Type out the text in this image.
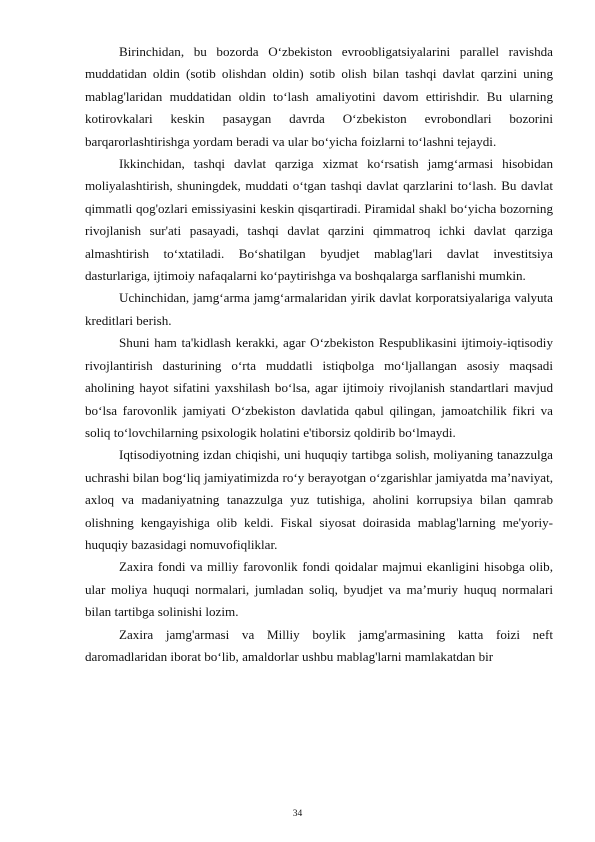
Birinchidan, bu bozorda O‘zbekiston evroobligatsiyalarini parallel ravishda muddatidan oldin (sotib olishdan oldin) sotib olish bilan tashqi davlat qarzini uning mablag'laridan muddatidan oldin to‘lash amaliyotini davom ettirishdir. Bu ularning kotirovkalari keskin pasaygan davrda O‘zbekiston evrobondlari bozorini barqarorlashtirishga yordam beradi va ular bo‘yicha foizlarni to‘lashni tejaydi.

Ikkinchidan, tashqi davlat qarziga xizmat ko‘rsatish jamg‘armasi hisobidan moliyalashtirish, shuningdek, muddati o‘tgan tashqi davlat qarzlarini to‘lash. Bu davlat qimmatli qog'ozlari emissiyasini keskin qisqartiradi. Piramidal shakl bo‘yicha bozorning rivojlanish sur'ati pasayadi, tashqi davlat qarzini qimmatroq ichki davlat qarziga almashtirish to‘xtatiladi. Bo‘shatilgan byudjet mablag'lari davlat investitsiya dasturlariga, ijtimoiy nafaqalarni ko‘paytirishga va boshqalarga sarflanishi mumkin.

Uchinchidan, jamg‘arma jamg‘armalaridan yirik davlat korporatsiyalariga valyuta kreditlari berish.

Shuni ham ta'kidlash kerakki, agar O‘zbekiston Respublikasini ijtimoiy-iqtisodiy rivojlantirish dasturining o‘rta muddatli istiqbolga mo‘ljallangan asosiy maqsadi aholining hayot sifatini yaxshilash bo‘lsa, agar ijtimoiy rivojlanish standartlari mavjud bo‘lsa farovonlik jamiyati O‘zbekiston davlatida qabul qilingan, jamoatchilik fikri va soliq to‘lovchilarning psixologik holatini e'tiborsiz qoldirib bo‘lmaydi.

Iqtisodiyotning izdan chiqishi, uni huquqiy tartibga solish, moliyaning tanazzulga uchrashi bilan bog‘liq jamiyatimizda ro‘y berayotgan o‘zgarishlar jamiyatda ma’naviyat, axloq va madaniyatning tanazzulga yuz tutishiga, aholini korrupsiya bilan qamrab olishning kengayishiga olib keldi. Fiskal siyosat doirasida mablag'larning me'yoriy-huquqiy bazasidagi nomuvofiqliklar.

Zaxira fondi va milliy farovonlik fondi qoidalar majmui ekanligini hisobga olib, ular moliya huquqi normalari, jumladan soliq, byudjet va ma’muriy huquq normalari bilan tartibga solinishi lozim.

Zaxira jamg'armasi va Milliy boylik jamg'armasining katta foizi neft daromadlaridan iborat bo‘lib, amaldorlar ushbu mablag'larni mamlakatdan bir

34
